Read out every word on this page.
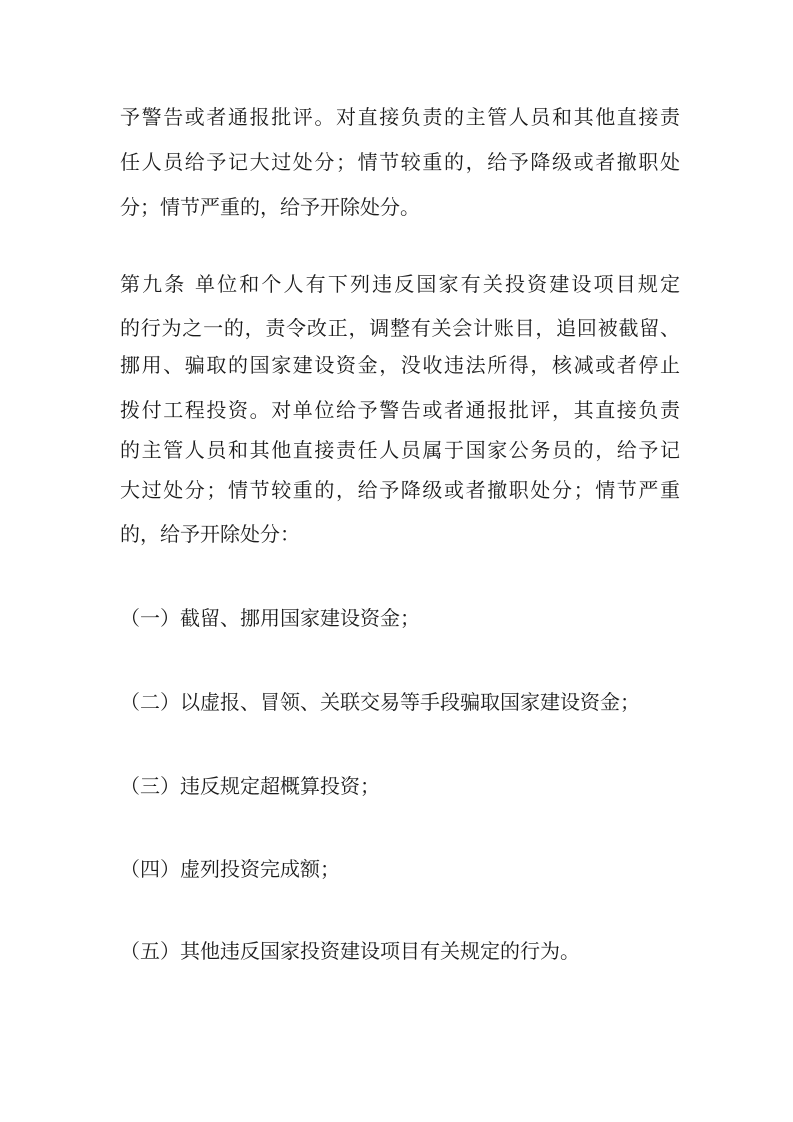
予警告或者通报批评。对直接负责的主管人员和其他直接责
任人员给予记大过处分；情节较重的，给予降级或者撤职处
分；情节严重的，给予开除处分。
第九条 单位和个人有下列违反国家有关投资建设项目规定
的行为之一的，责令改正，调整有关会计账目，追回被截留、
挪用、骗取的国家建设资金，没收违法所得，核减或者停止
拨付工程投资。对单位给予警告或者通报批评，其直接负责
的主管人员和其他直接责任人员属于国家公务员的，给予记
大过处分；情节较重的，给予降级或者撤职处分；情节严重
的，给予开除处分：
（一）截留、挪用国家建设资金；
（二）以虚报、冒领、关联交易等手段骗取国家建设资金；
（三）违反规定超概算投资；
（四）虚列投资完成额；
（五）其他违反国家投资建设项目有关规定的行为。
